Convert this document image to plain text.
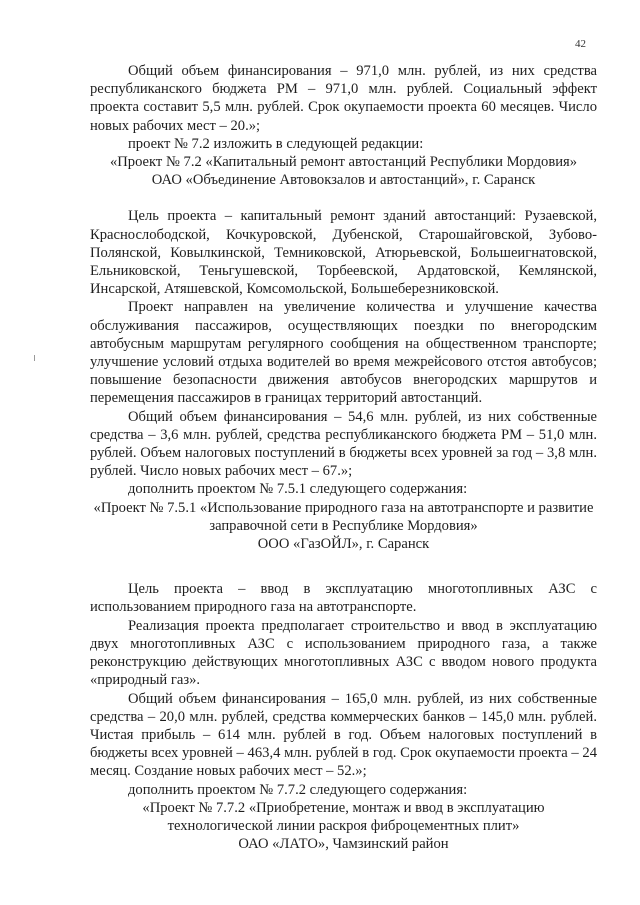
42

Общий объем финансирования – 971,0 млн. рублей, из них средства республиканского бюджета РМ – 971,0 млн. рублей. Социальный эффект проекта составит 5,5 млн. рублей. Срок окупаемости проекта 60 месяцев. Число новых рабочих мест – 20.»;

проект № 7.2 изложить в следующей редакции:

«Проект № 7.2 «Капитальный ремонт автостанций Республики Мордовия»

ОАО «Объединение Автовокзалов и автостанций», г. Саранск

Цель проекта – капитальный ремонт зданий автостанций: Рузаевской, Краснослободской, Кочкуровской, Дубенской, Старошайговской, Зубово-Полянской, Ковылкинской, Темниковской, Атюрьевской, Большеигнатовской, Ельниковской, Теньгушевской, Торбеевской, Ардатовской, Кемлянской, Инсарской, Атяшевской, Комсомольской, Большеберезниковской.

Проект направлен на увеличение количества и улучшение качества обслуживания пассажиров, осуществляющих поездки по внегородским автобусным маршрутам регулярного сообщения на общественном транспорте; улучшение условий отдыха водителей во время межрейсового отстоя автобусов; повышение безопасности движения автобусов внегородских маршрутов и перемещения пассажиров в границах территорий автостанций.

Общий объем финансирования – 54,6 млн. рублей, из них собственные средства – 3,6 млн. рублей, средства республиканского бюджета РМ – 51,0 млн. рублей. Объем налоговых поступлений в бюджеты всех уровней за год – 3,8 млн. рублей. Число новых рабочих мест – 67.»;

дополнить проектом № 7.5.1 следующего содержания:

«Проект № 7.5.1 «Использование природного газа на автотранспорте и развитие заправочной сети в Республике Мордовия»

ООО «ГазОЙЛ», г. Саранск

Цель проекта – ввод в эксплуатацию многотопливных АЗС с использованием природного газа на автотранспорте.

Реализация проекта предполагает строительство и ввод в эксплуатацию двух многотопливных АЗС с использованием природного газа, а также реконструкцию действующих многотопливных АЗС с вводом нового продукта «природный газ».

Общий объем финансирования – 165,0 млн. рублей, из них собственные средства – 20,0 млн. рублей, средства коммерческих банков – 145,0 млн. рублей. Чистая прибыль – 614 млн. рублей в год. Объем налоговых поступлений в бюджеты всех уровней – 463,4 млн. рублей в год. Срок окупаемости проекта – 24 месяц. Создание новых рабочих мест – 52.»;

дополнить проектом № 7.7.2 следующего содержания:

«Проект № 7.7.2 «Приобретение, монтаж и ввод в эксплуатацию технологической линии раскроя фиброцементных плит»

ОАО «ЛАТО», Чамзинский район
